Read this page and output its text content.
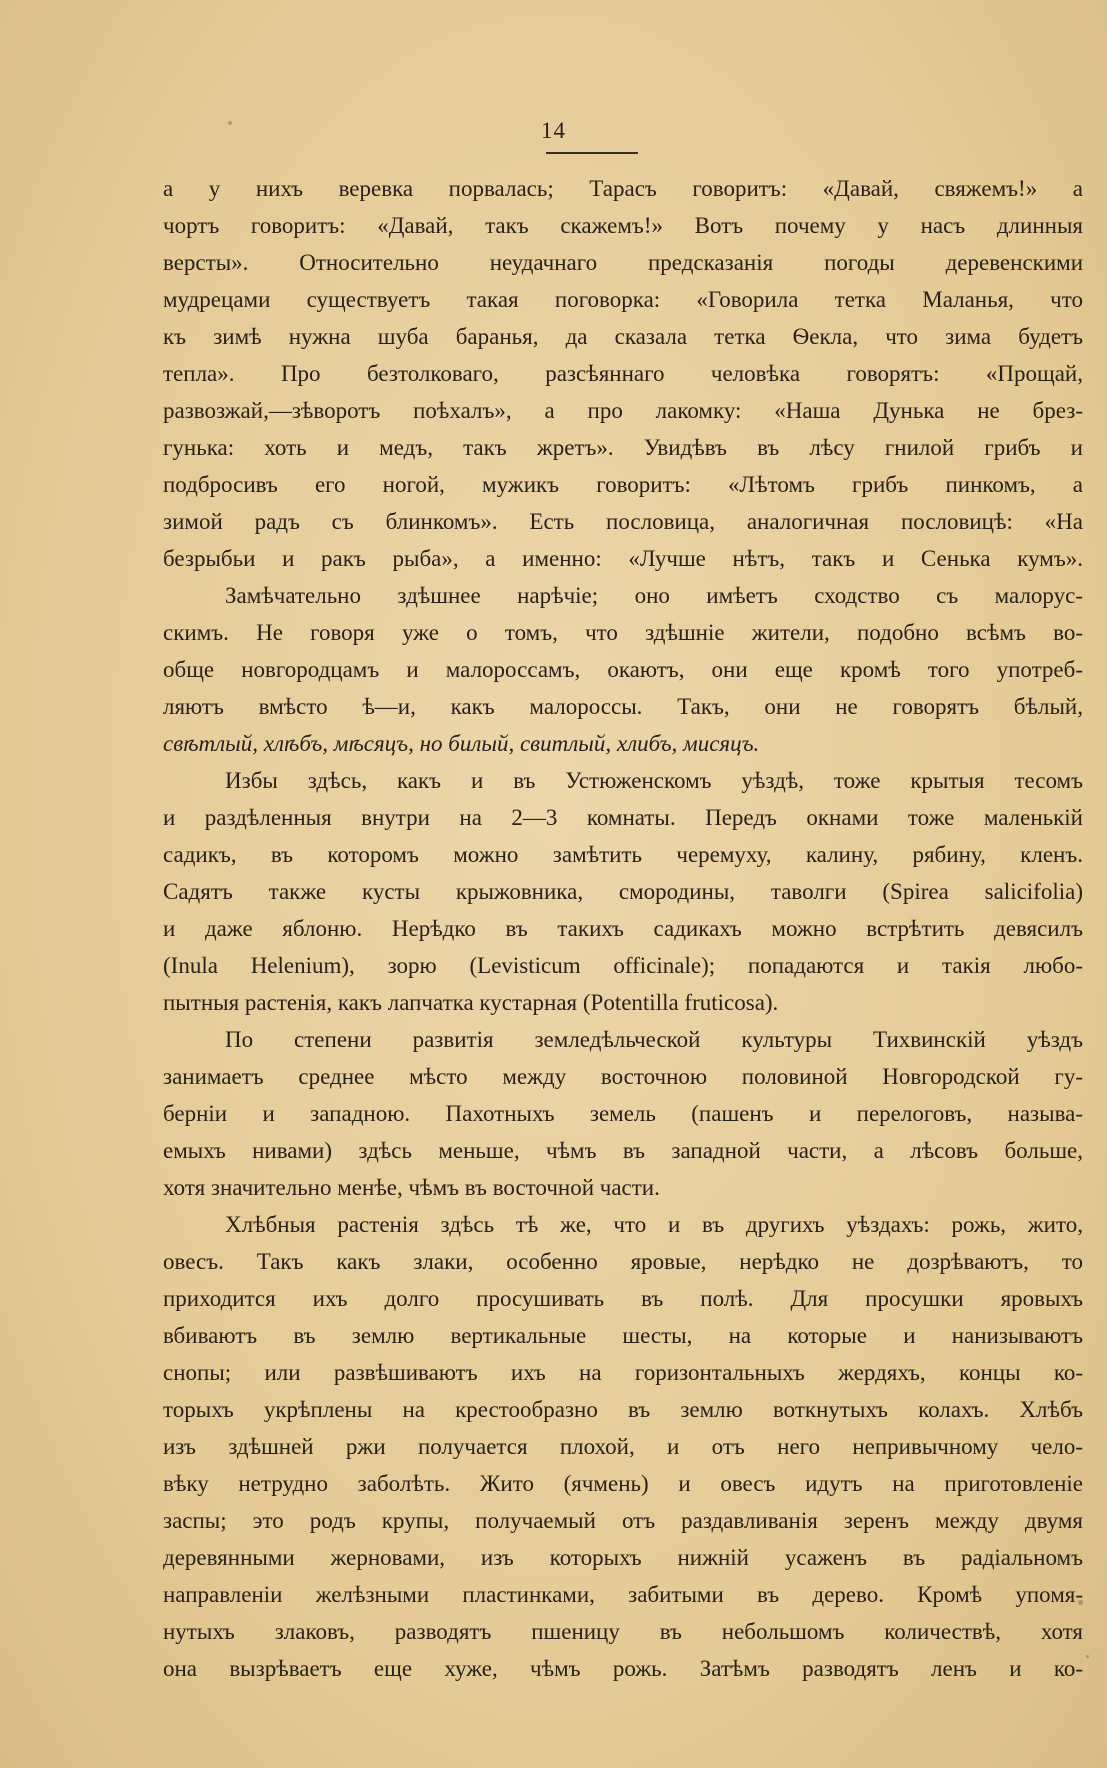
14
а у нихъ веревка порвалась; Тарасъ говоритъ: «Давай, свяжемъ!» а
чортъ говоритъ: «Давай, такъ скажемъ!» Вотъ почему у насъ длинныя
версты». Относительно неудачнаго предсказанія погоды деревенскими
мудрецами существуетъ такая поговорка: «Говорила тетка Маланья, что
къ зимѣ нужна шуба баранья, да сказала тетка Ѳекла, что зима будетъ
тепла». Про безтолковаго, разсѣяннаго человѣка говорятъ: «Прощай,
развозжай,—зѣворотъ поѣхалъ», а про лакомку: «Наша Дунька не брез-
гунька: хоть и медъ, такъ жретъ». Увидѣвъ въ лѣсу гнилой грибъ и
подбросивъ его ногой, мужикъ говоритъ: «Лѣтомъ грибъ пинкомъ, а
зимой радъ съ блинкомъ». Есть пословица, аналогичная пословицѣ: «На
безрыбьи и ракъ рыба», а именно: «Лучше нѣтъ, такъ и Сенька кумъ».
Замѣчательно здѣшнее нарѣчіе; оно имѣетъ сходство съ малорус-
скимъ. Не говоря уже о томъ, что здѣшніе жители, подобно всѣмъ во-
обще новгородцамъ и малороссамъ, окаютъ, они еще кромѣ того употреб-
ляютъ вмѣсто ѣ—и, какъ малороссы. Такъ, они не говорятъ бѣлый,
свѣтлый, хлѣбъ, мѣсяцъ, но билый, свитлый, хлибъ, мисяцъ.
Избы здѣсь, какъ и въ Устюженскомъ уѣздѣ, тоже крытыя тесомъ
и раздѣленныя внутри на 2—3 комнаты. Передъ окнами тоже маленькій
садикъ, въ которомъ можно замѣтить черемуху, калину, рябину, кленъ.
Садятъ также кусты крыжовника, смородины, таволги (Spirea salicifolia)
и даже яблоню. Нерѣдко въ такихъ садикахъ можно встрѣтить девясилъ
(Inula Helenium), зорю (Levisticum officinale); попадаются и такія любо-
пытныя растенія, какъ лапчатка кустарная (Potentilla fruticosa).
По степени развитія земледѣльческой культуры Тихвинскій уѣздъ
занимаетъ среднее мѣсто между восточною половиной Новгородской гу-
берніи и западною. Пахотныхъ земель (пашенъ и перелоговъ, называ-
емыхъ нивами) здѣсь меньше, чѣмъ въ западной части, а лѣсовъ больше,
хотя значительно менѣе, чѣмъ въ восточной части.
Хлѣбныя растенія здѣсь тѣ же, что и въ другихъ уѣздахъ: рожь, жито,
овесъ. Такъ какъ злаки, особенно яровые, нерѣдко не дозрѣваютъ, то
приходится ихъ долго просушивать въ полѣ. Для просушки яровыхъ
вбиваютъ въ землю вертикальные шесты, на которые и нанизываютъ
снопы; или развѣшиваютъ ихъ на горизонтальныхъ жердяхъ, концы ко-
торыхъ укрѣплены на крестообразно въ землю воткнутыхъ колахъ. Хлѣбъ
изъ здѣшней ржи получается плохой, и отъ него непривычному чело-
вѣку нетрудно заболѣть. Жито (ячмень) и овесъ идутъ на приготовленіе
заспы; это родъ крупы, получаемый отъ раздавливанія зеренъ между двумя
деревянными жерновами, изъ которыхъ нижній усаженъ въ радіальномъ
направленіи желѣзными пластинками, забитыми въ дерево. Кромѣ упомя-
нутыхъ злаковъ, разводятъ пшеницу въ небольшомъ количествѣ, хотя
она вызрѣваетъ еще хуже, чѣмъ рожь. Затѣмъ разводятъ ленъ и ко-
